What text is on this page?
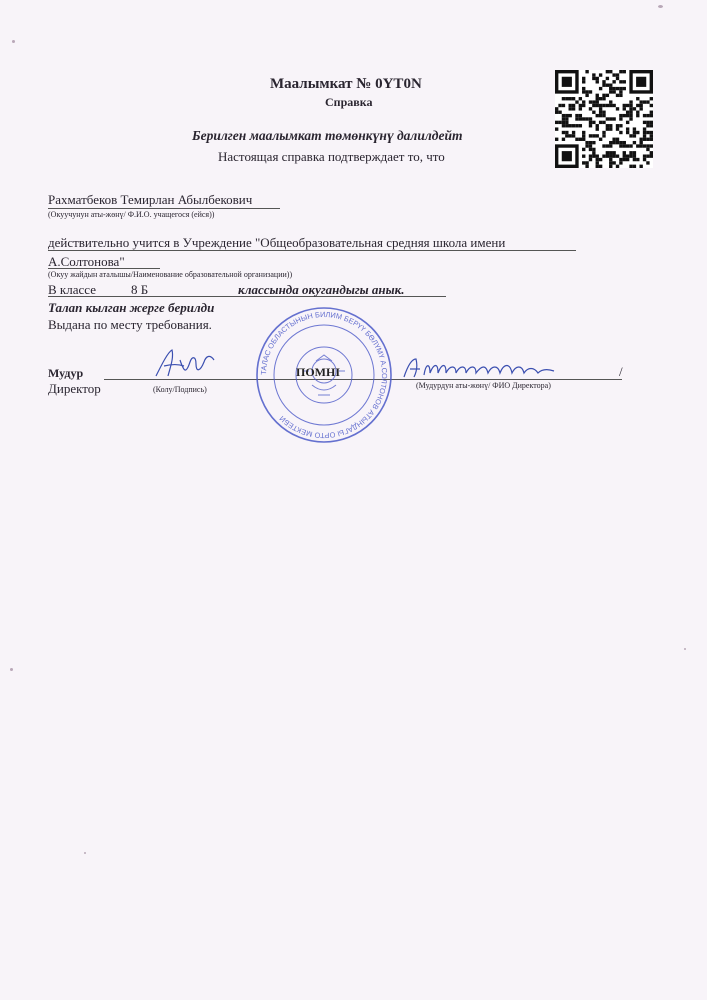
Маалымкат № 0YT0N
Справка
Берилген маалымкат төмөнкүнү далилдейт
Настоящая справка подтверждает то, что
Рахматбеков Темирлан Абылбекович
(Окуучунун аты-жөнү/ Ф.И.О. учащегося (ейся))
действительно учится в Учреждение "Общеобразовательная средняя школа имени
А.Солтонова"
(Окуу жайдын аталышы/Наименование образовательной организации))
В классе	8 Б	классында окугандыгы анык.
Талап кылган жерге берилди
Выдана по месту требования.
Мудур
Директор	(Колу/Подпись)	(Мудурдун аты-жөнү/ ФИО Директора)
/
ТАЛАС ОБЛАСТЫНЫН БИЛИМ БЕРҮҮ БӨЛҮМҮ А.СОЛТОНОВ АТЫНДАГЫ ОРТО МЕКТЕБИ
ПОМНІ
